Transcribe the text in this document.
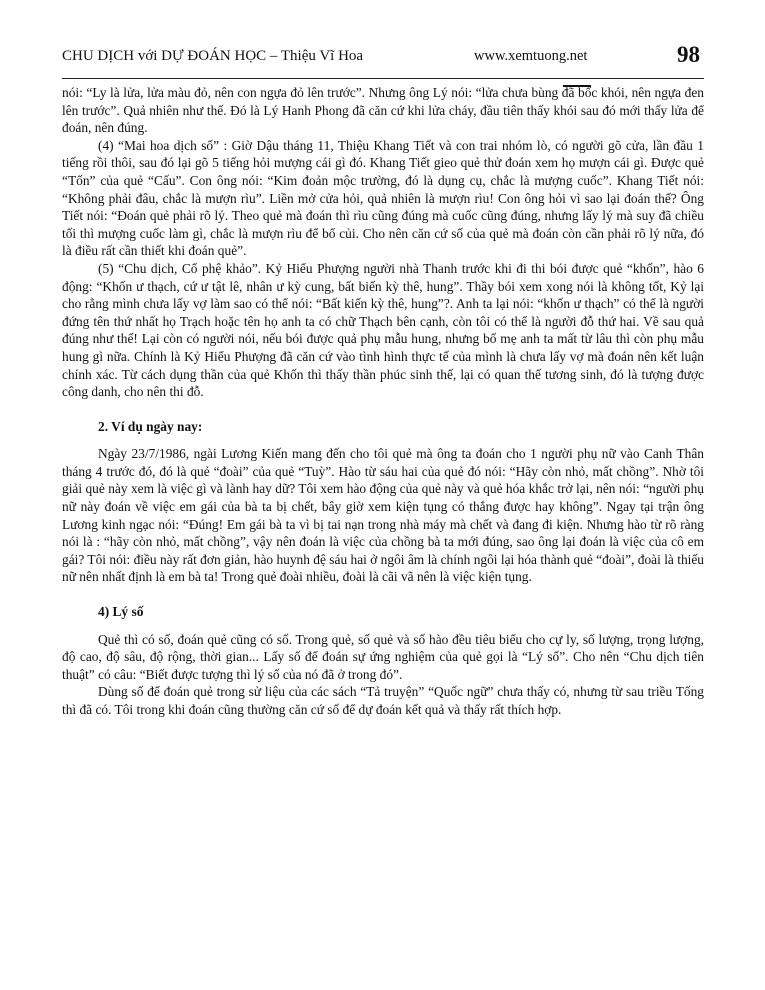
CHU DỊCH với DỰ ĐOÁN HỌC – Thiệu Vĩ Hoa	www.xemtuong.net	98

nói: “Ly là lửa, lửa màu đỏ, nên con ngựa đỏ lên trước”. Nhưng ông Lý nói: “lửa chưa bùng đã bốc khói, nên ngựa đen lên trước”. Quả nhiên như thế. Đó là Lý Hanh Phong đã căn cứ khi lửa cháy, đầu tiên thấy khói sau đó mới thấy lửa để đoán, nên đúng.

(4) “Mai hoa dịch số” : Giờ Dậu tháng 11, Thiệu Khang Tiết và con trai nhóm lò, có người gõ cửa, lần đầu 1 tiếng rồi thôi, sau đó lại gõ 5 tiếng hỏi mượng cái gì đó. Khang Tiết gieo quẻ thử đoán xem họ mượn cái gì. Được quẻ “Tốn” của quẻ “Cấu”. Con ông nói: “Kim đoản mộc trường, đó là dụng cụ, chắc là mượng cuốc”. Khang Tiết nói: “Không phải đâu, chắc là mượn rìu”. Liền mở cửa hỏi, quả nhiên là mượn rìu! Con ông hỏi vì sao lại đoán thế? Ông Tiết nói: “Đoán quẻ phải rõ lý. Theo quẻ mà đoán thì rìu cũng đúng mà cuốc cũng đúng, nhưng lấy lý mà suy đã chiều tối thì mượng cuốc làm gì, chắc là mượn rìu để bổ củi. Cho nên căn cứ số của quẻ mà đoán còn cần phải rõ lý nữa, đó là điều rất cần thiết khi đoán quẻ”.

(5) “Chu dịch, Cổ phệ khảo”. Kỷ Hiểu Phượng người nhà Thanh trước khi đi thi bói được quẻ “khốn”, hào 6 động: “Khốn ư thạch, cứ ư tật lê, nhân ư kỳ cung, bất biến kỳ thê, hung”. Thầy bói xem xong nói là không tốt, Kỷ lại cho rằng mình chưa lấy vợ làm sao có thể nói: “Bất kiến kỳ thê, hung”?. Anh ta lại nói: “khốn ư thạch” có thể là người đứng tên thứ nhất họ Trạch hoặc tên họ anh ta có chữ Thạch bên cạnh, còn tôi có thể là người đỗ thứ hai. Về sau quả đúng như thế! Lại còn có người nói, nếu bói được quả phụ mẫu hung, nhưng bố mẹ anh ta mất từ lâu thì còn phụ mẫu hung gì nữa. Chính là Kỷ Hiểu Phượng đã căn cứ vào tình hình thực tế của mình là chưa lấy vợ mà đoán nên kết luận chính xác. Từ cách dụng thần của quẻ Khốn thì thấy thần phúc sinh thế, lại có quan thế tương sinh, đó là tượng được công danh, cho nên thi đỗ.

2. Ví dụ ngày nay:

Ngày 23/7/1986, ngài Lương Kiến mang đến cho tôi quẻ mà ông ta đoán cho 1 người phụ nữ vào Canh Thân tháng 4 trước đó, đó là quẻ “đoài” của quẻ “Tuỳ”. Hào từ sáu hai của quẻ đó nói: “Hãy còn nhỏ, mất chồng”. Nhờ tôi giải quẻ này xem là việc gì và lành hay dữ? Tôi xem hào động của quẻ này và quẻ hóa khắc trở lại, nên nói: “người phụ nữ này đoán về việc em gái của bà ta bị chết, bây giờ xem kiện tụng có thắng được hay không”. Ngay tại trận ông Lương kinh ngạc nói: “Đúng! Em gái bà ta vì bị tai nạn trong nhà máy mà chết và đang đi kiện. Nhưng hào từ rõ ràng nói là : “hãy còn nhỏ, mất chồng”, vậy nên đoán là việc của chồng bà ta mới đúng, sao ông lại đoán là việc của cô em gái? Tôi nói: điều này rất đơn giản, hào huynh đệ sáu hai ở ngôi âm là chính ngôi lại hóa thành quẻ “đoài”, đoài là thiếu nữ nên nhất định là em bà ta! Trong quẻ đoài nhiều, đoài là cãi vã nên là việc kiện tụng.

4) Lý số

Quẻ thì có số, đoán quẻ cũng có số. Trong quẻ, số quẻ và số hào đều tiêu biểu cho cự ly, số lượng, trọng lượng, độ cao, độ sâu, độ rộng, thời gian... Lấy số để đoán sự ứng nghiệm của quẻ gọi là “Lý số”. Cho nên “Chu dịch tiên thuật” có câu: “Biết được tượng thì lý số của nó đã ở trong đó”.

Dùng số để đoán quẻ trong sử liệu của các sách “Tả truyện” “Quốc ngữ” chưa thấy có, nhưng từ sau triều Tống thì đã có. Tôi trong khi đoán cũng thường căn cứ số để dự đoán kết quả và thấy rất thích hợp.
